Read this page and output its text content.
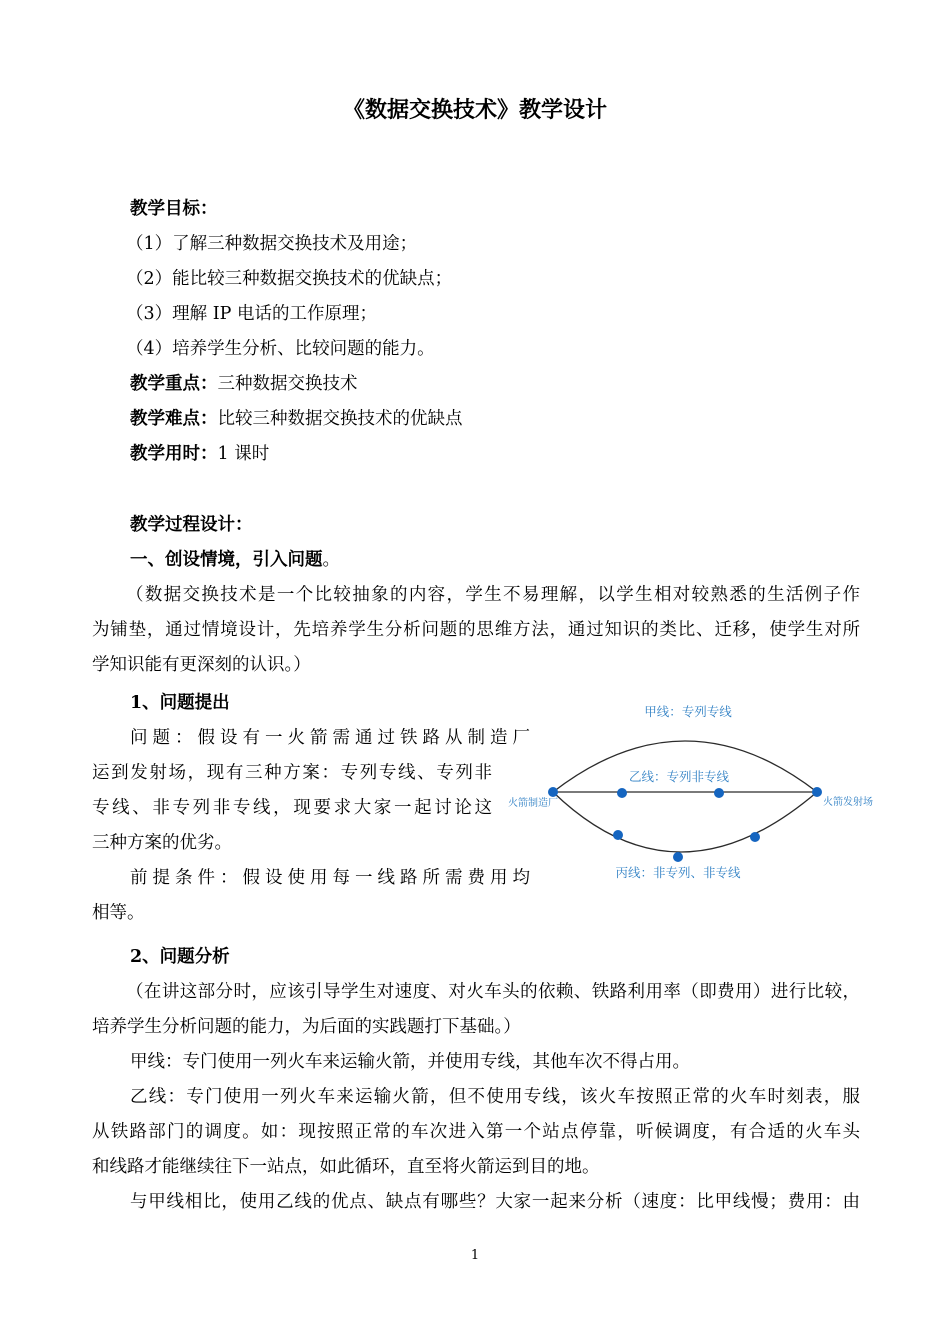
《数据交换技术》教学设计
教学目标：
（1）了解三种数据交换技术及用途；
（2）能比较三种数据交换技术的优缺点；
（3）理解 IP 电话的工作原理；
（4）培养学生分析、比较问题的能力。
教学重点：三种数据交换技术
教学难点：比较三种数据交换技术的优缺点
教学用时：1 课时
教学过程设计：
一、创设情境，引入问题。
（数据交换技术是一个比较抽象的内容，学生不易理解，以学生相对较熟悉的生活例子作
为铺垫，通过情境设计，先培养学生分析问题的思维方法，通过知识的类比、迁移，使学生对所
学知识能有更深刻的认识。）
1、问题提出
问题：假设有一火箭需通过铁路从制造厂
运到发射场，现有三种方案：专列专线、专列非
专线、非专列非专线，现要求大家一起讨论这
三种方案的优劣。
前提条件：假设使用每一线路所需费用均
相等。
甲线：专列专线
乙线：专列非专线
丙线：非专列、非专线
火箭制造厂	火箭发射场
2、问题分析
（在讲这部分时，应该引导学生对速度、对火车头的依赖、铁路利用率（即费用）进行比较，
培养学生分析问题的能力，为后面的实践题打下基础。）
甲线：专门使用一列火车来运输火箭，并使用专线，其他车次不得占用。
乙线：专门使用一列火车来运输火箭，但不使用专线，该火车按照正常的火车时刻表，服
从铁路部门的调度。如：现按照正常的车次进入第一个站点停靠，听候调度，有合适的火车头
和线路才能继续往下一站点，如此循环，直至将火箭运到目的地。
与甲线相比，使用乙线的优点、缺点有哪些？大家一起来分析（速度：比甲线慢；费用：由
1
